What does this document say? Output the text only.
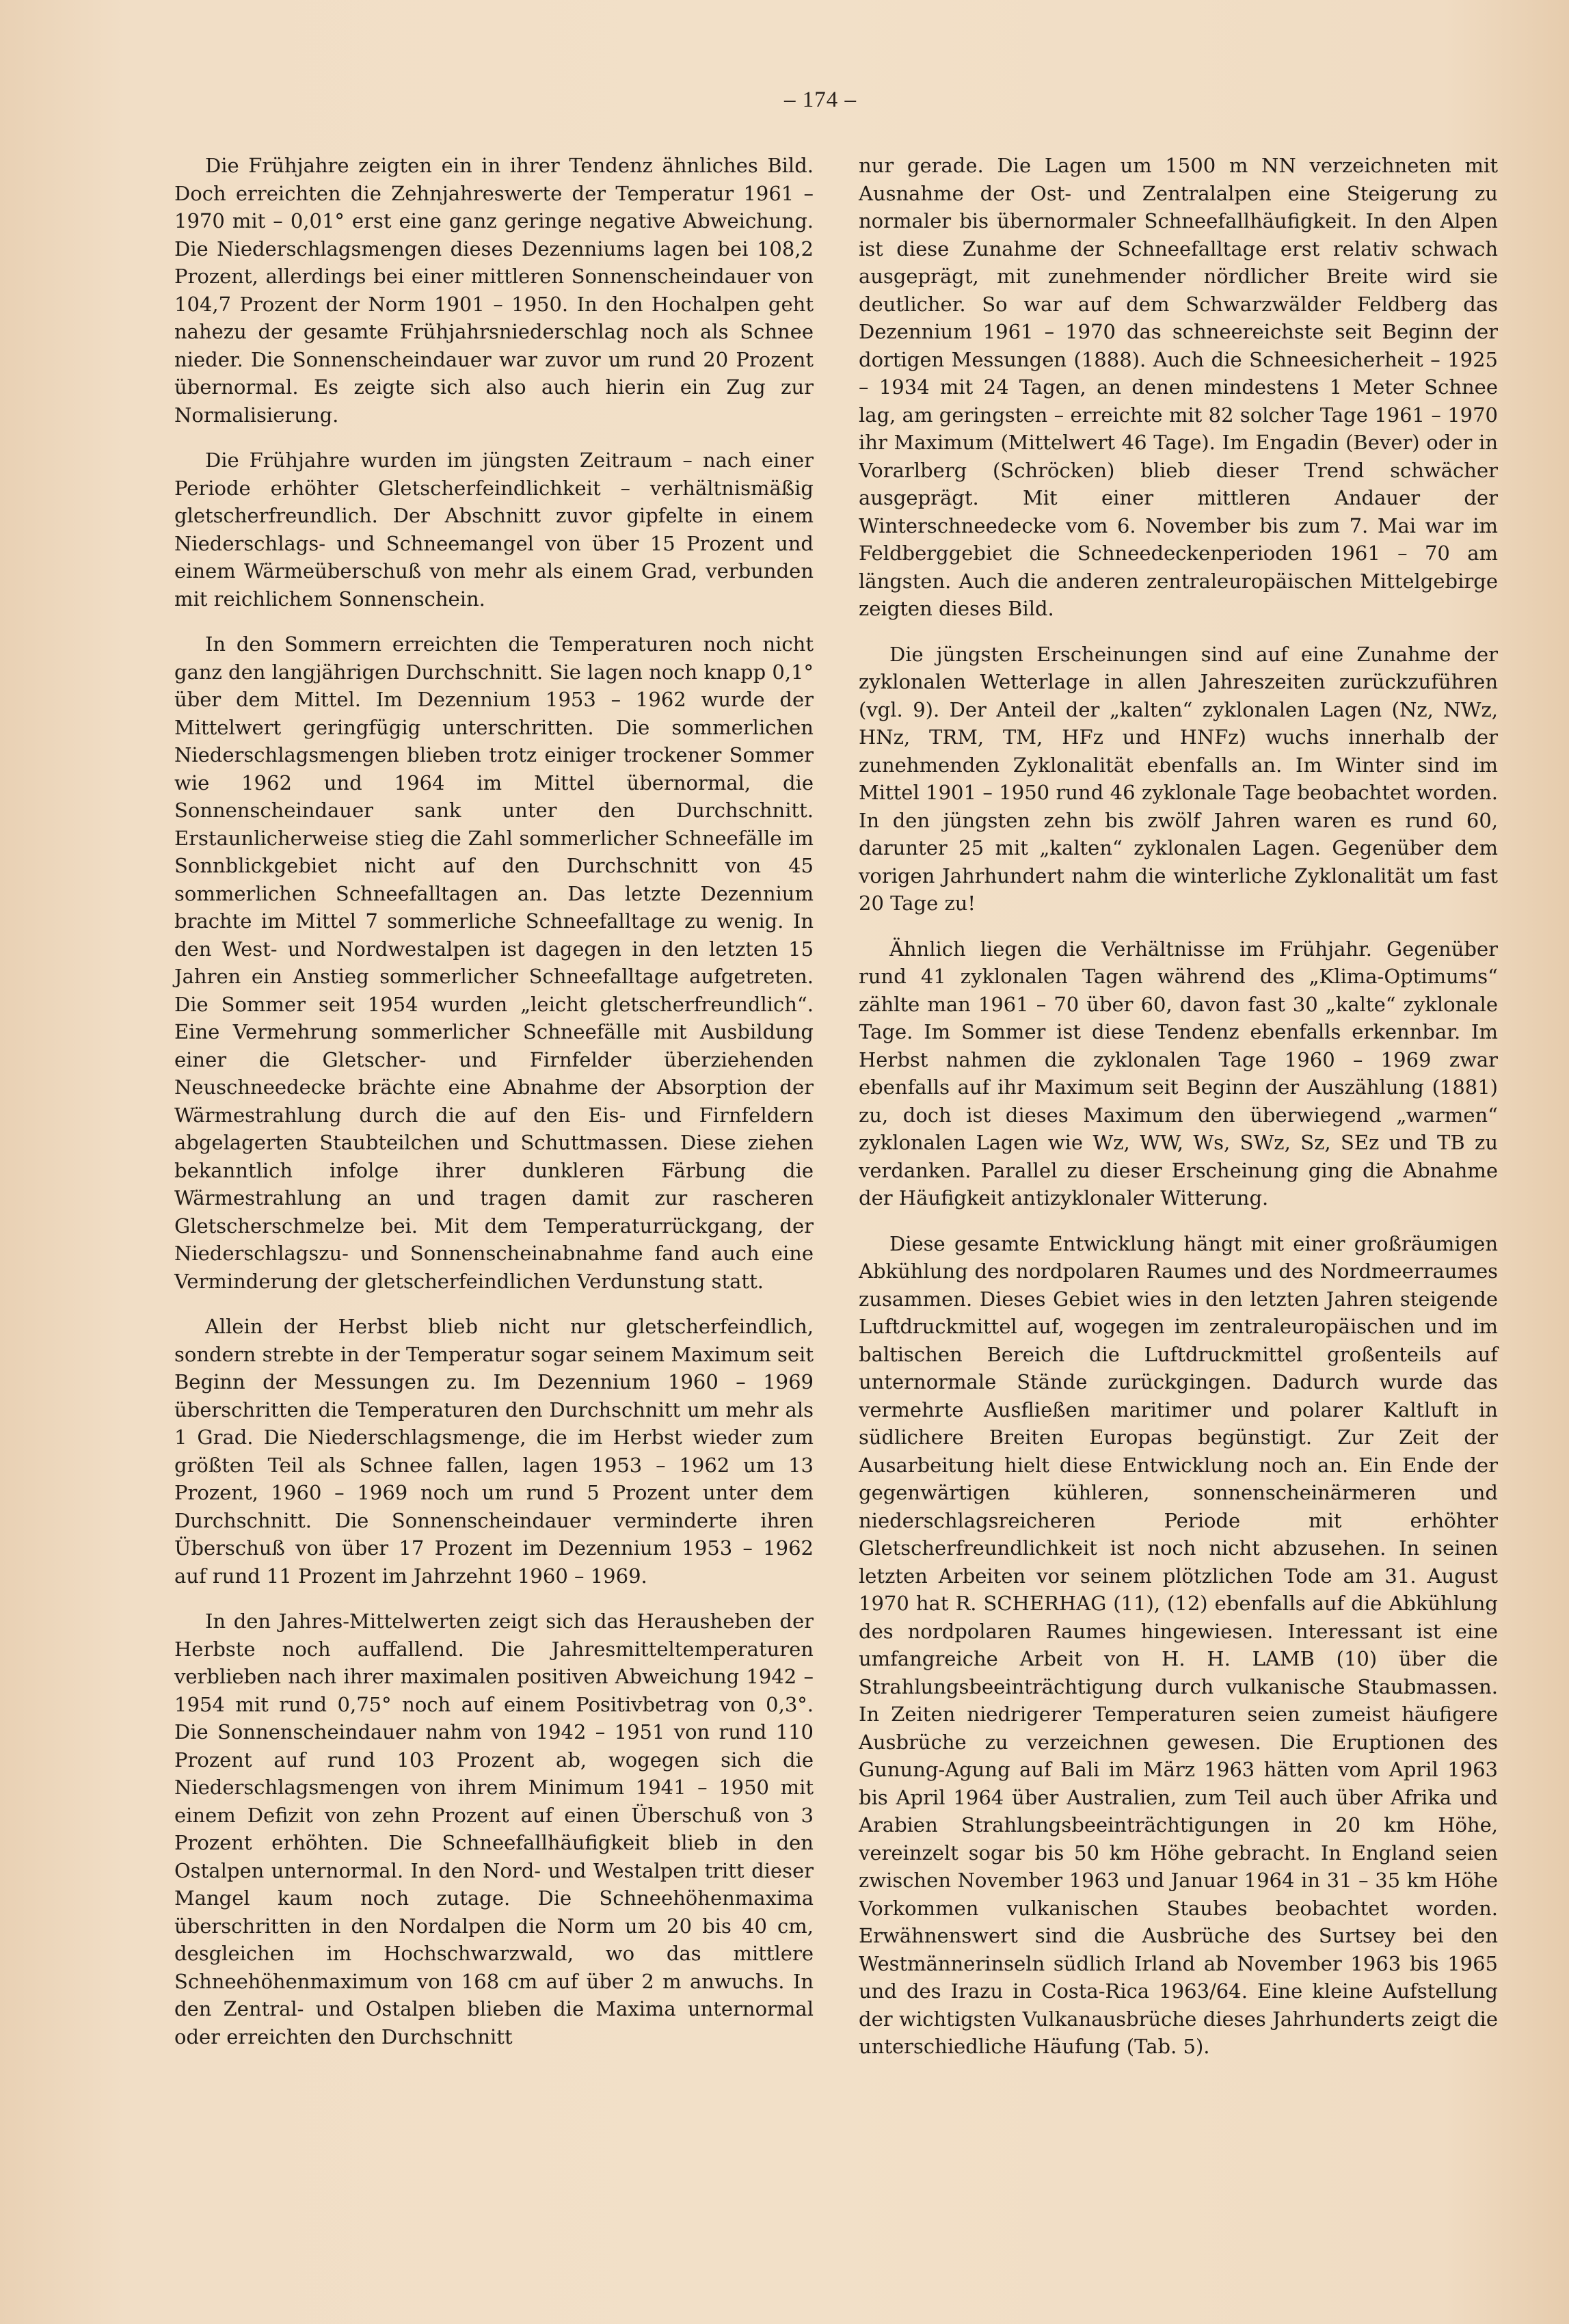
– 174 –

Die Frühjahre zeigten ein in ihrer Tendenz ähnliches Bild. Doch erreichten die Zehnjahreswerte der Temperatur 1961 – 1970 mit – 0,01° erst eine ganz geringe negative Abweichung. Die Niederschlagsmengen dieses Dezenniums lagen bei 108,2 Prozent, allerdings bei einer mittleren Sonnenscheindauer von 104,7 Prozent der Norm 1901 – 1950. In den Hochalpen geht nahezu der gesamte Frühjahrsniederschlag noch als Schnee nieder. Die Sonnenscheindauer war zuvor um rund 20 Prozent übernormal. Es zeigte sich also auch hierin ein Zug zur Normalisierung.

Die Frühjahre wurden im jüngsten Zeitraum – nach einer Periode erhöhter Gletscherfeindlichkeit – verhältnismäßig gletscherfreundlich. Der Abschnitt zuvor gipfelte in einem Niederschlags- und Schneemangel von über 15 Prozent und einem Wärmeüberschuß von mehr als einem Grad, verbunden mit reichlichem Sonnenschein.

In den Sommern erreichten die Temperaturen noch nicht ganz den langjährigen Durchschnitt. Sie lagen noch knapp 0,1° über dem Mittel. Im Dezennium 1953 – 1962 wurde der Mittelwert geringfügig unterschritten. Die sommerlichen Niederschlagsmengen blieben trotz einiger trockener Sommer wie 1962 und 1964 im Mittel übernormal, die Sonnenscheindauer sank unter den Durchschnitt. Erstaunlicherweise stieg die Zahl sommerlicher Schneefälle im Sonnblickgebiet nicht auf den Durchschnitt von 45 sommerlichen Schneefalltagen an. Das letzte Dezennium brachte im Mittel 7 sommerliche Schneefalltage zu wenig. In den West- und Nordwestalpen ist dagegen in den letzten 15 Jahren ein Anstieg sommerlicher Schneefalltage aufgetreten. Die Sommer seit 1954 wurden „leicht gletscherfreundlich“. Eine Vermehrung sommerlicher Schneefälle mit Ausbildung einer die Gletscher- und Firnfelder überziehenden Neuschneedecke brächte eine Abnahme der Absorption der Wärmestrahlung durch die auf den Eis- und Firnfeldern abgelagerten Staubteilchen und Schuttmassen. Diese ziehen bekanntlich infolge ihrer dunkleren Färbung die Wärmestrahlung an und tragen damit zur rascheren Gletscherschmelze bei. Mit dem Temperaturrückgang, der Niederschlagszu- und Sonnenscheinabnahme fand auch eine Verminderung der gletscherfeindlichen Verdunstung statt.

Allein der Herbst blieb nicht nur gletscherfeindlich, sondern strebte in der Temperatur sogar seinem Maximum seit Beginn der Messungen zu. Im Dezennium 1960 – 1969 überschritten die Temperaturen den Durchschnitt um mehr als 1 Grad. Die Niederschlagsmenge, die im Herbst wieder zum größten Teil als Schnee fallen, lagen 1953 – 1962 um 13 Prozent, 1960 – 1969 noch um rund 5 Prozent unter dem Durchschnitt. Die Sonnenscheindauer verminderte ihren Überschuß von über 17 Prozent im Dezennium 1953 – 1962 auf rund 11 Prozent im Jahrzehnt 1960 – 1969.

In den Jahres-Mittelwerten zeigt sich das Herausheben der Herbste noch auffallend. Die Jahresmitteltemperaturen verblieben nach ihrer maximalen positiven Abweichung 1942 – 1954 mit rund 0,75° noch auf einem Positivbetrag von 0,3°. Die Sonnenscheindauer nahm von 1942 – 1951 von rund 110 Prozent auf rund 103 Prozent ab, wogegen sich die Niederschlagsmengen von ihrem Minimum 1941 – 1950 mit einem Defizit von zehn Prozent auf einen Überschuß von 3 Prozent erhöhten. Die Schneefallhäufigkeit blieb in den Ostalpen unternormal. In den Nord- und Westalpen tritt dieser Mangel kaum noch zutage. Die Schneehöhenmaxima überschritten in den Nordalpen die Norm um 20 bis 40 cm, desgleichen im Hochschwarzwald, wo das mittlere Schneehöhenmaximum von 168 cm auf über 2 m anwuchs. In den Zentral- und Ostalpen blieben die Maxima unternormal oder erreichten den Durchschnitt

nur gerade. Die Lagen um 1500 m NN verzeichneten mit Ausnahme der Ost- und Zentralalpen eine Steigerung zu normaler bis übernormaler Schneefallhäufigkeit. In den Alpen ist diese Zunahme der Schneefalltage erst relativ schwach ausgeprägt, mit zunehmender nördlicher Breite wird sie deutlicher. So war auf dem Schwarzwälder Feldberg das Dezennium 1961 – 1970 das schneereichste seit Beginn der dortigen Messungen (1888). Auch die Schneesicherheit – 1925 – 1934 mit 24 Tagen, an denen mindestens 1 Meter Schnee lag, am geringsten – erreichte mit 82 solcher Tage 1961 – 1970 ihr Maximum (Mittelwert 46 Tage). Im Engadin (Bever) oder in Vorarlberg (Schröcken) blieb dieser Trend schwächer ausgeprägt. Mit einer mittleren Andauer der Winterschneedecke vom 6. November bis zum 7. Mai war im Feldberggebiet die Schneedeckenperioden 1961 – 70 am längsten. Auch die anderen zentraleuropäischen Mittelgebirge zeigten dieses Bild.

Die jüngsten Erscheinungen sind auf eine Zunahme der zyklonalen Wetterlage in allen Jahreszeiten zurückzuführen (vgl. 9). Der Anteil der „kalten“ zyklonalen Lagen (Nz, NWz, HNz, TRM, TM, HFz und HNFz) wuchs innerhalb der zunehmenden Zyklonalität ebenfalls an. Im Winter sind im Mittel 1901 – 1950 rund 46 zyklonale Tage beobachtet worden. In den jüngsten zehn bis zwölf Jahren waren es rund 60, darunter 25 mit „kalten“ zyklonalen Lagen. Gegenüber dem vorigen Jahrhundert nahm die winterliche Zyklonalität um fast 20 Tage zu!

Ähnlich liegen die Verhältnisse im Frühjahr. Gegenüber rund 41 zyklonalen Tagen während des „Klima-Optimums“ zählte man 1961 – 70 über 60, davon fast 30 „kalte“ zyklonale Tage. Im Sommer ist diese Tendenz ebenfalls erkennbar. Im Herbst nahmen die zyklonalen Tage 1960 – 1969 zwar ebenfalls auf ihr Maximum seit Beginn der Auszählung (1881) zu, doch ist dieses Maximum den überwiegend „warmen“ zyklonalen Lagen wie Wz, WW, Ws, SWz, Sz, SEz und TB zu verdanken. Parallel zu dieser Erscheinung ging die Abnahme der Häufigkeit antizyklonaler Witterung.

Diese gesamte Entwicklung hängt mit einer großräumigen Abkühlung des nordpolaren Raumes und des Nordmeerraumes zusammen. Dieses Gebiet wies in den letzten Jahren steigende Luftdruckmittel auf, wogegen im zentraleuropäischen und im baltischen Bereich die Luftdruckmittel großenteils auf unternormale Stände zurückgingen. Dadurch wurde das vermehrte Ausfließen maritimer und polarer Kaltluft in südlichere Breiten Europas begünstigt. Zur Zeit der Ausarbeitung hielt diese Entwicklung noch an. Ein Ende der gegenwärtigen kühleren, sonnenscheinärmeren und niederschlagsreicheren Periode mit erhöhter Gletscherfreundlichkeit ist noch nicht abzusehen. In seinen letzten Arbeiten vor seinem plötzlichen Tode am 31. August 1970 hat R. SCHERHAG (11), (12) ebenfalls auf die Abkühlung des nordpolaren Raumes hingewiesen. Interessant ist eine umfangreiche Arbeit von H. H. LAMB (10) über die Strahlungsbeeinträchtigung durch vulkanische Staubmassen. In Zeiten niedrigerer Temperaturen seien zumeist häufigere Ausbrüche zu verzeichnen gewesen. Die Eruptionen des Gunung-Agung auf Bali im März 1963 hätten vom April 1963 bis April 1964 über Australien, zum Teil auch über Afrika und Arabien Strahlungsbeeinträchtigungen in 20 km Höhe, vereinzelt sogar bis 50 km Höhe gebracht. In England seien zwischen November 1963 und Januar 1964 in 31 – 35 km Höhe Vorkommen vulkanischen Staubes beobachtet worden. Erwähnenswert sind die Ausbrüche des Surtsey bei den Westmännerinseln südlich Irland ab November 1963 bis 1965 und des Irazu in Costa-Rica 1963/64. Eine kleine Aufstellung der wichtigsten Vulkanausbrüche dieses Jahrhunderts zeigt die unterschiedliche Häufung (Tab. 5).
